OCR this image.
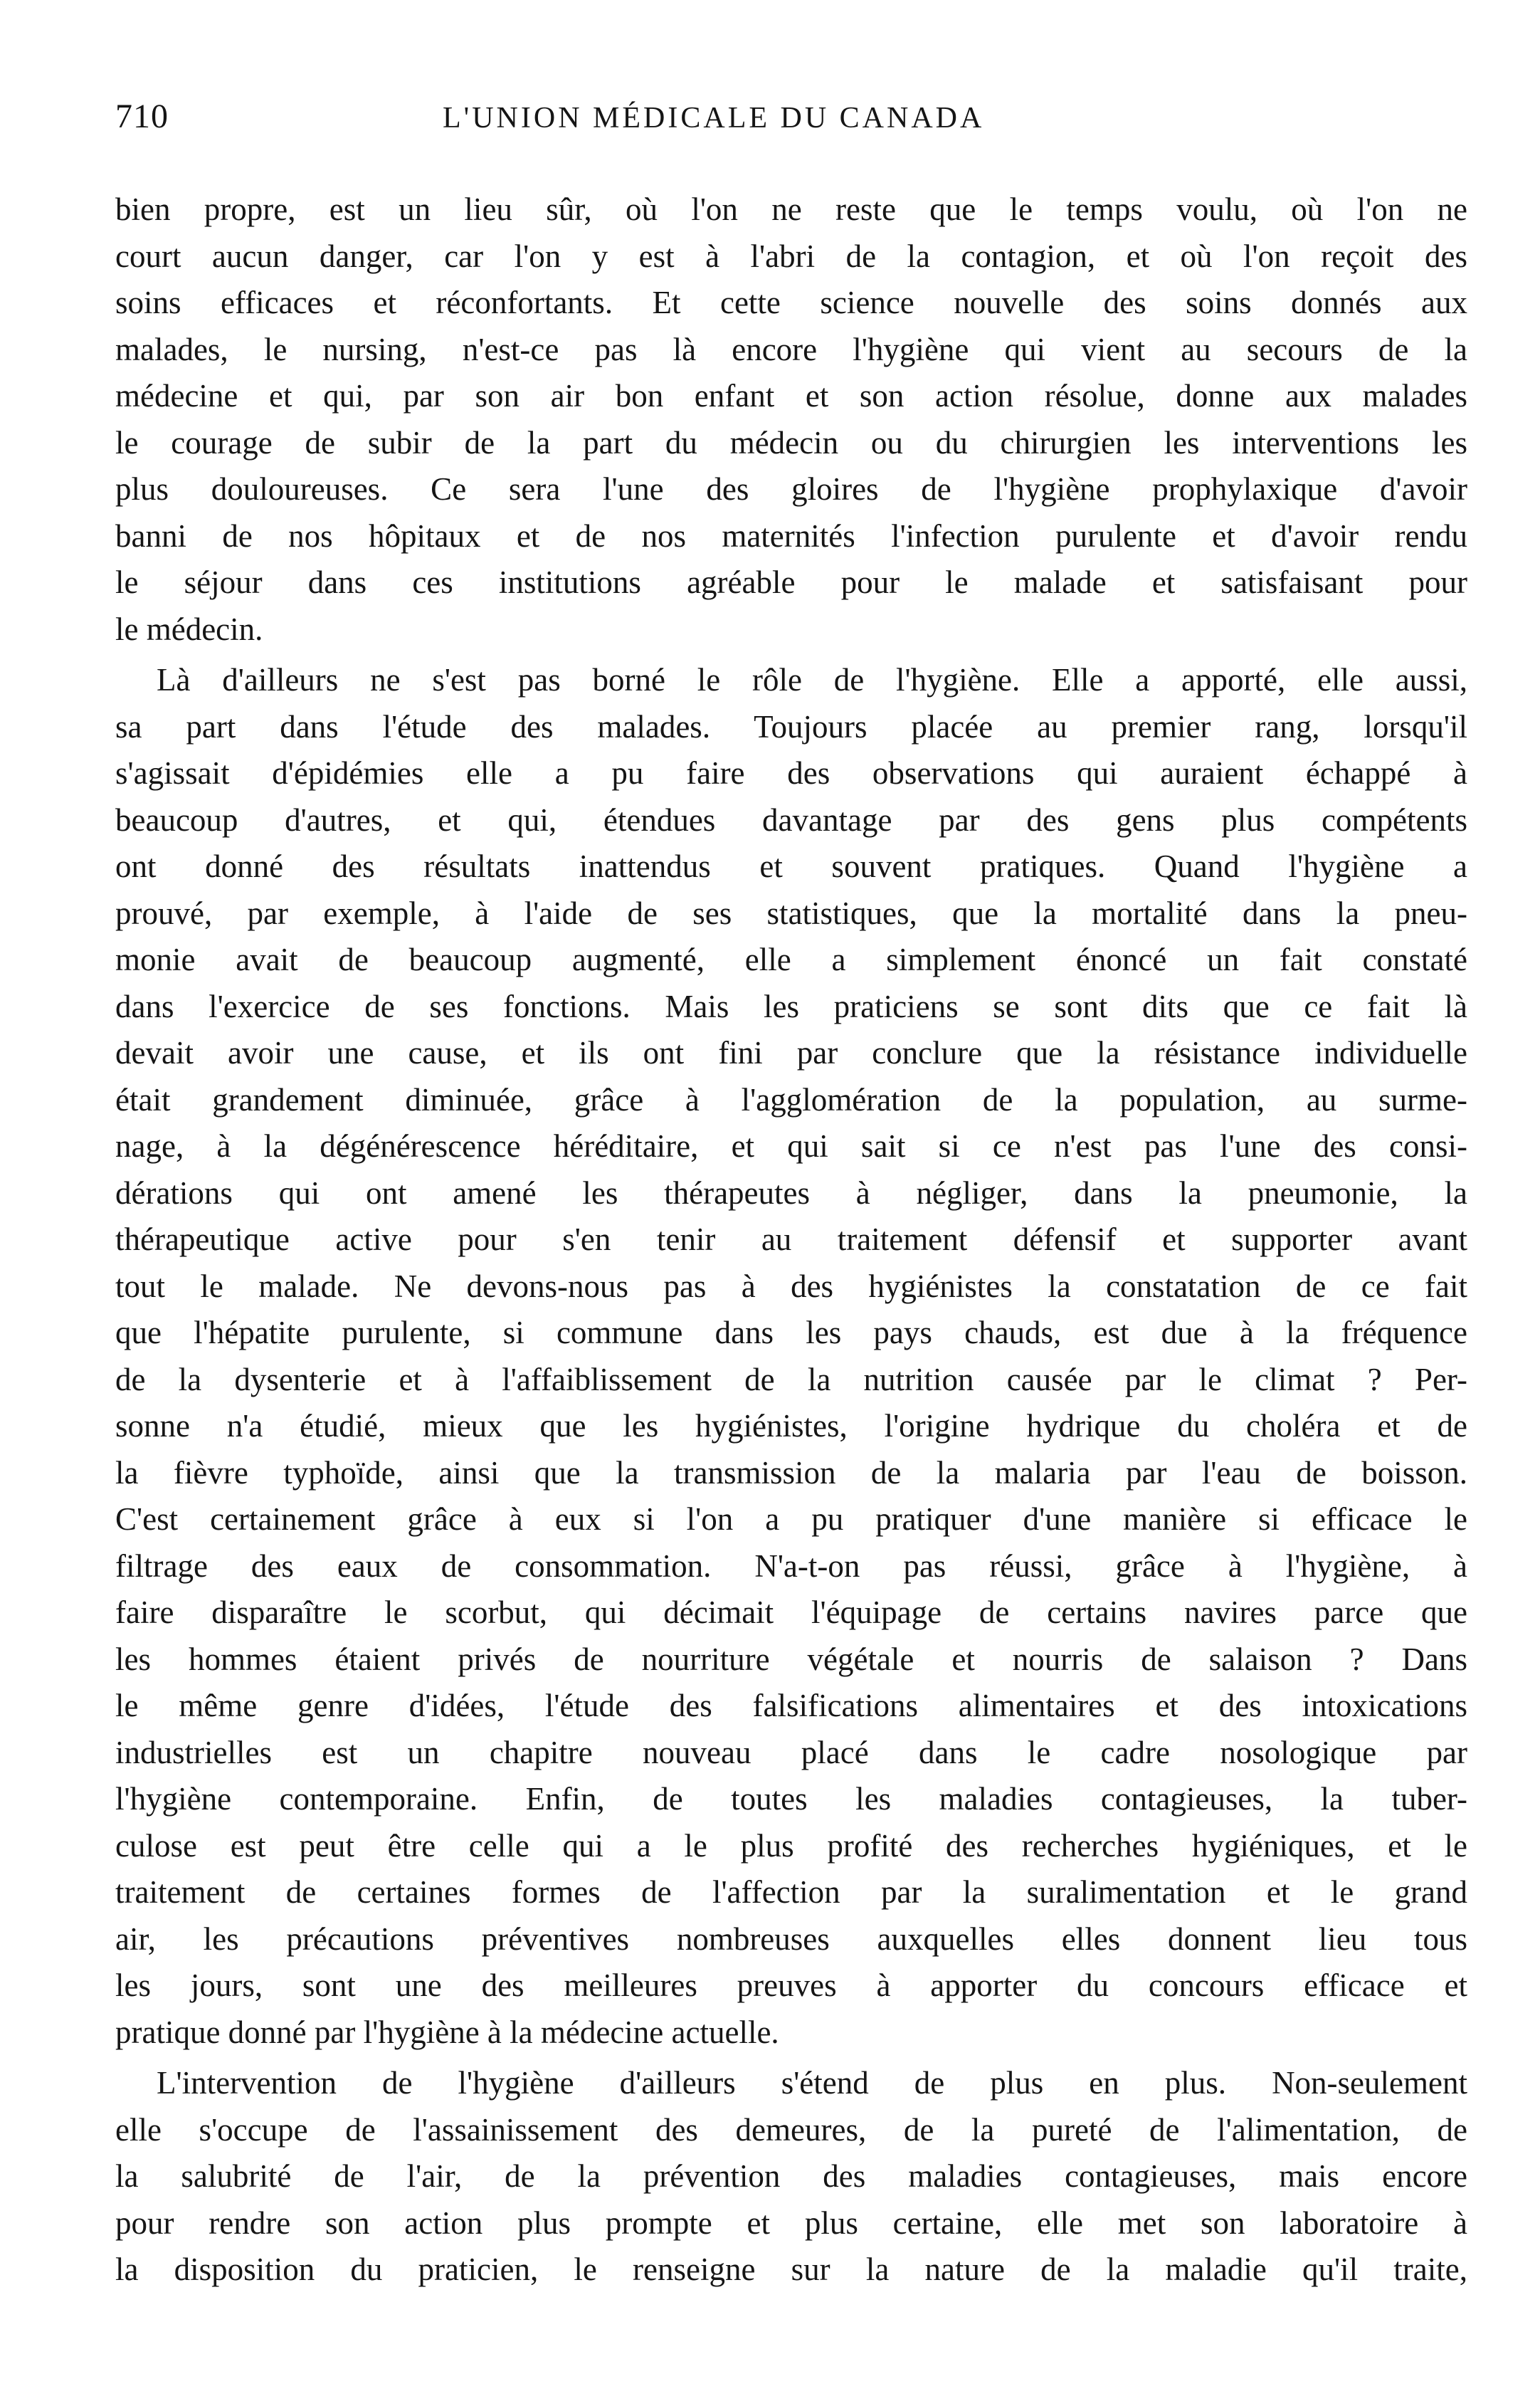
710	L'UNION MÉDICALE DU CANADA
bien propre, est un lieu sûr, où l'on ne reste que le temps voulu, où l'on ne
court aucun danger, car l'on y est à l'abri de la contagion, et où l'on reçoit des
soins efficaces et réconfortants. Et cette science nouvelle des soins donnés aux
malades, le nursing, n'est-ce pas là encore l'hygiène qui vient au secours de la
médecine et qui, par son air bon enfant et son action résolue, donne aux malades
le courage de subir de la part du médecin ou du chirurgien les interventions les
plus douloureuses. Ce sera l'une des gloires de l'hygiène prophylaxique d'avoir
banni de nos hôpitaux et de nos maternités l'infection purulente et d'avoir rendu
le séjour dans ces institutions agréable pour le malade et satisfaisant pour
le médecin.
Là d'ailleurs ne s'est pas borné le rôle de l'hygiène. Elle a apporté, elle aussi,
sa part dans l'étude des malades. Toujours placée au premier rang, lorsqu'il
s'agissait d'épidémies elle a pu faire des observations qui auraient échappé à
beaucoup d'autres, et qui, étendues davantage par des gens plus compétents
ont donné des résultats inattendus et souvent pratiques. Quand l'hygiène a
prouvé, par exemple, à l'aide de ses statistiques, que la mortalité dans la pneu-
monie avait de beaucoup augmenté, elle a simplement énoncé un fait constaté
dans l'exercice de ses fonctions. Mais les praticiens se sont dits que ce fait là
devait avoir une cause, et ils ont fini par conclure que la résistance individuelle
était grandement diminuée, grâce à l'agglomération de la population, au surme-
nage, à la dégénérescence héréditaire, et qui sait si ce n'est pas l'une des consi-
dérations qui ont amené les thérapeutes à négliger, dans la pneumonie, la
thérapeutique active pour s'en tenir au traitement défensif et supporter avant
tout le malade. Ne devons-nous pas à des hygiénistes la constatation de ce fait
que l'hépatite purulente, si commune dans les pays chauds, est due à la fréquence
de la dysenterie et à l'affaiblissement de la nutrition causée par le climat ? Per-
sonne n'a étudié, mieux que les hygiénistes, l'origine hydrique du choléra et de
la fièvre typhoïde, ainsi que la transmission de la malaria par l'eau de boisson.
C'est certainement grâce à eux si l'on a pu pratiquer d'une manière si efficace le
filtrage des eaux de consommation. N'a-t-on pas réussi, grâce à l'hygiène, à
faire disparaître le scorbut, qui décimait l'équipage de certains navires parce que
les hommes étaient privés de nourriture végétale et nourris de salaison ? Dans
le même genre d'idées, l'étude des falsifications alimentaires et des intoxications
industrielles est un chapitre nouveau placé dans le cadre nosologique par
l'hygiène contemporaine. Enfin, de toutes les maladies contagieuses, la tuber-
culose est peut être celle qui a le plus profité des recherches hygiéniques, et le
traitement de certaines formes de l'affection par la suralimentation et le grand
air, les précautions préventives nombreuses auxquelles elles donnent lieu tous
les jours, sont une des meilleures preuves à apporter du concours efficace et
pratique donné par l'hygiène à la médecine actuelle.
L'intervention de l'hygiène d'ailleurs s'étend de plus en plus. Non-seulement
elle s'occupe de l'assainissement des demeures, de la pureté de l'alimentation, de
la salubrité de l'air, de la prévention des maladies contagieuses, mais encore
pour rendre son action plus prompte et plus certaine, elle met son laboratoire à
la disposition du praticien, le renseigne sur la nature de la maladie qu'il traite,
